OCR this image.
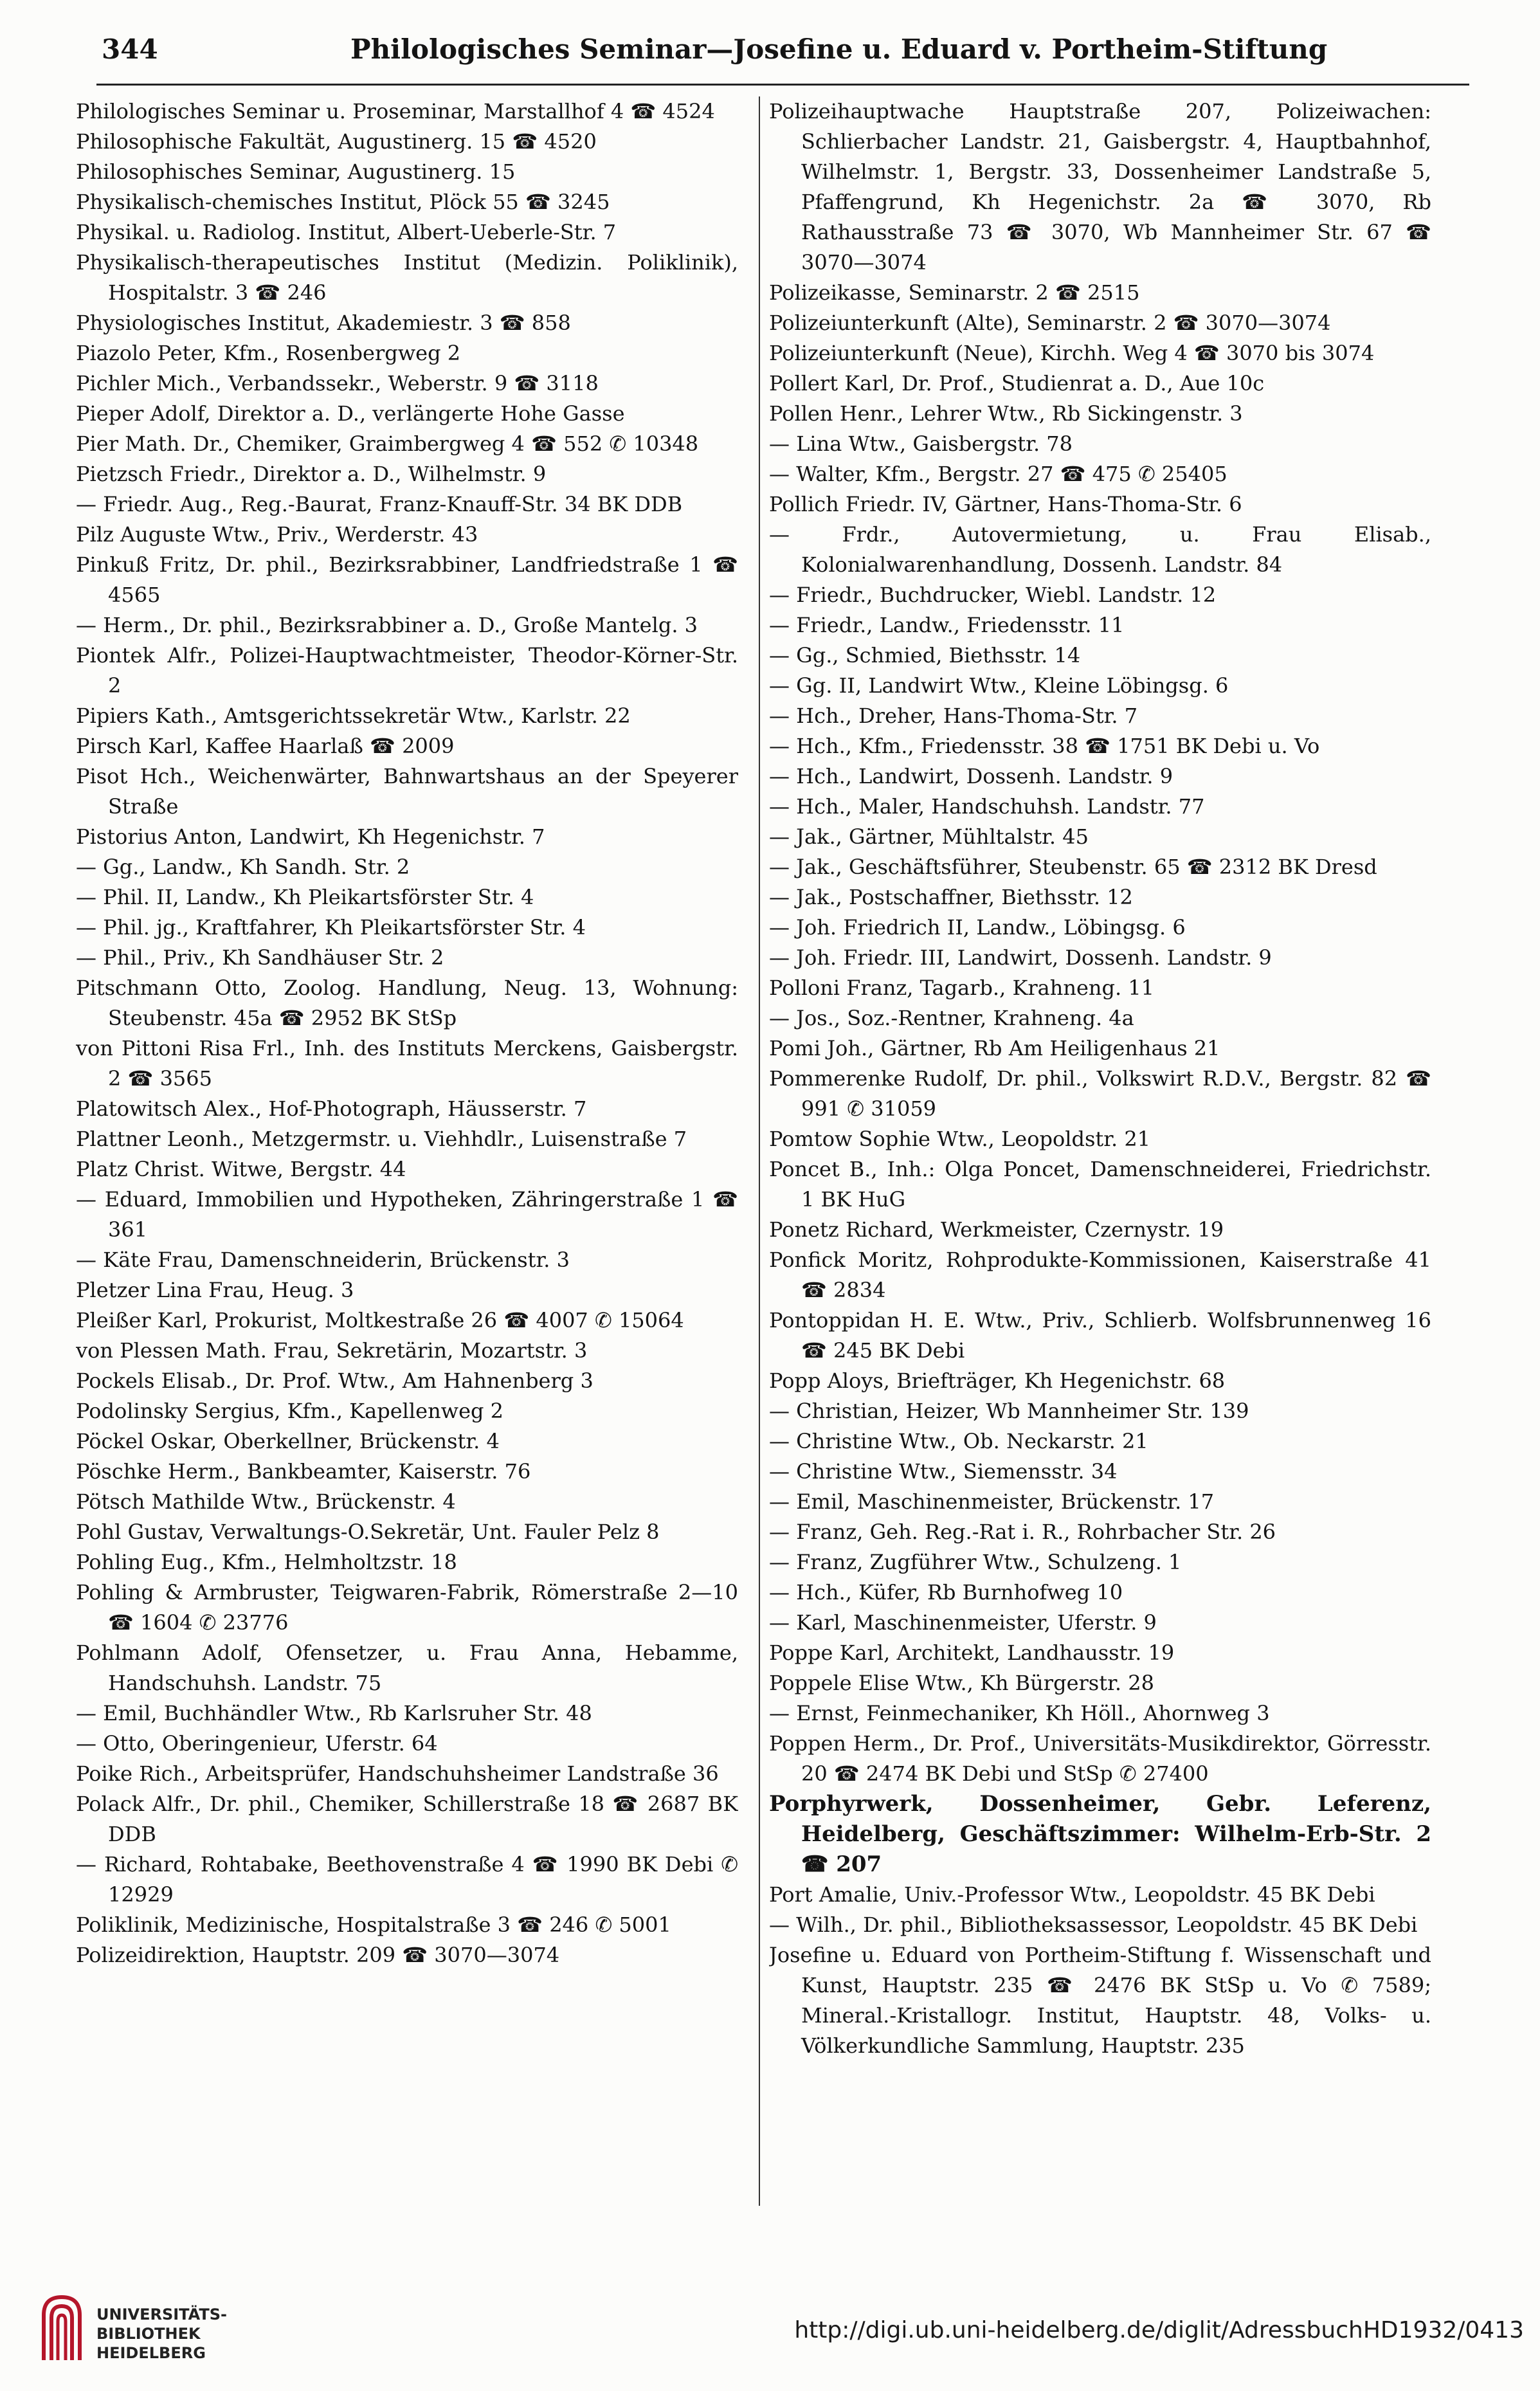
344	Philologisches Seminar—Josefine u. Eduard v. Portheim-Stiftung

Philologisches Seminar u. Proseminar, Marstallhof 4 ☎ 4524

Philosophische Fakultät, Augustinerg. 15 ☎ 4520

Philosophisches Seminar, Augustinerg. 15

Physikalisch-chemisches Institut, Plöck 55 ☎ 3245

Physikal. u. Radiolog. Institut, Albert-Ueberle-Str. 7

Physikalisch-therapeutisches Institut (Medizin. Poliklinik), Hospitalstr. 3 ☎ 246

Physiologisches Institut, Akademiestr. 3 ☎ 858

Piazolo Peter, Kfm., Rosenbergweg 2

Pichler Mich., Verbandssekr., Weberstr. 9 ☎ 3118

Pieper Adolf, Direktor a. D., verlängerte Hohe Gasse

Pier Math. Dr., Chemiker, Graimbergweg 4 ☎ 552 ✆ 10348

Pietzsch Friedr., Direktor a. D., Wilhelmstr. 9

— Friedr. Aug., Reg.-Baurat, Franz-Knauff-Str. 34 BK DDB

Pilz Auguste Wtw., Priv., Werderstr. 43

Pinkuß Fritz, Dr. phil., Bezirksrabbiner, Landfriedstraße 1 ☎ 4565

— Herm., Dr. phil., Bezirksrabbiner a. D., Große Mantelg. 3

Piontek Alfr., Polizei-Hauptwachtmeister, Theodor-Körner-Str. 2

Pipiers Kath., Amtsgerichtssekretär Wtw., Karlstr. 22

Pirsch Karl, Kaffee Haarlaß ☎ 2009

Pisot Hch., Weichenwärter, Bahnwartshaus an der Speyerer Straße

Pistorius Anton, Landwirt, Kh Hegenichstr. 7

— Gg., Landw., Kh Sandh. Str. 2

— Phil. II, Landw., Kh Pleikartsförster Str. 4

— Phil. jg., Kraftfahrer, Kh Pleikartsförster Str. 4

— Phil., Priv., Kh Sandhäuser Str. 2

Pitschmann Otto, Zoolog. Handlung, Neug. 13, Wohnung: Steubenstr. 45a ☎ 2952 BK StSp

von Pittoni Risa Frl., Inh. des Instituts Merckens, Gaisbergstr. 2 ☎ 3565

Platowitsch Alex., Hof-Photograph, Häusserstr. 7

Plattner Leonh., Metzgermstr. u. Viehhdlr., Luisenstraße 7

Platz Christ. Witwe, Bergstr. 44

— Eduard, Immobilien und Hypotheken, Zähringerstraße 1 ☎ 361

— Käte Frau, Damenschneiderin, Brückenstr. 3

Pletzer Lina Frau, Heug. 3

Pleißer Karl, Prokurist, Moltkestraße 26 ☎ 4007 ✆ 15064

von Plessen Math. Frau, Sekretärin, Mozartstr. 3

Pockels Elisab., Dr. Prof. Wtw., Am Hahnenberg 3

Podolinsky Sergius, Kfm., Kapellenweg 2

Pöckel Oskar, Oberkellner, Brückenstr. 4

Pöschke Herm., Bankbeamter, Kaiserstr. 76

Pötsch Mathilde Wtw., Brückenstr. 4

Pohl Gustav, Verwaltungs-O.Sekretär, Unt. Fauler Pelz 8

Pohling Eug., Kfm., Helmholtzstr. 18

Pohling & Armbruster, Teigwaren-Fabrik, Römerstraße 2—10 ☎ 1604 ✆ 23776

Pohlmann Adolf, Ofensetzer, u. Frau Anna, Hebamme, Handschuhsh. Landstr. 75

— Emil, Buchhändler Wtw., Rb Karlsruher Str. 48

— Otto, Oberingenieur, Uferstr. 64

Poike Rich., Arbeitsprüfer, Handschuhsheimer Landstraße 36

Polack Alfr., Dr. phil., Chemiker, Schillerstraße 18 ☎ 2687 BK DDB

— Richard, Rohtabake, Beethovenstraße 4 ☎ 1990 BK Debi ✆ 12929

Poliklinik, Medizinische, Hospitalstraße 3 ☎ 246 ✆ 5001

Polizeidirektion, Hauptstr. 209 ☎ 3070—3074

Polizeihauptwache Hauptstraße 207, Polizeiwachen: Schlierbacher Landstr. 21, Gaisbergstr. 4, Hauptbahnhof, Wilhelmstr. 1, Bergstr. 33, Dossenheimer Landstraße 5, Pfaffengrund, Kh Hegenichstr. 2a ☎ 3070, Rb Rathausstraße 73 ☎ 3070, Wb Mannheimer Str. 67 ☎ 3070—3074

Polizeikasse, Seminarstr. 2 ☎ 2515

Polizeiunterkunft (Alte), Seminarstr. 2 ☎ 3070—3074

Polizeiunterkunft (Neue), Kirchh. Weg 4 ☎ 3070 bis 3074

Pollert Karl, Dr. Prof., Studienrat a. D., Aue 10c

Pollen Henr., Lehrer Wtw., Rb Sickingenstr. 3

— Lina Wtw., Gaisbergstr. 78

— Walter, Kfm., Bergstr. 27 ☎ 475 ✆ 25405

Pollich Friedr. IV, Gärtner, Hans-Thoma-Str. 6

— Frdr., Autovermietung, u. Frau Elisab., Kolonialwarenhandlung, Dossenh. Landstr. 84

— Friedr., Buchdrucker, Wiebl. Landstr. 12

— Friedr., Landw., Friedensstr. 11

— Gg., Schmied, Biethsstr. 14

— Gg. II, Landwirt Wtw., Kleine Löbingsg. 6

— Hch., Dreher, Hans-Thoma-Str. 7

— Hch., Kfm., Friedensstr. 38 ☎ 1751 BK Debi u. Vo

— Hch., Landwirt, Dossenh. Landstr. 9

— Hch., Maler, Handschuhsh. Landstr. 77

— Jak., Gärtner, Mühltalstr. 45

— Jak., Geschäftsführer, Steubenstr. 65 ☎ 2312 BK Dresd

— Jak., Postschaffner, Biethsstr. 12

— Joh. Friedrich II, Landw., Löbingsg. 6

— Joh. Friedr. III, Landwirt, Dossenh. Landstr. 9

Polloni Franz, Tagarb., Krahneng. 11

— Jos., Soz.-Rentner, Krahneng. 4a

Pomi Joh., Gärtner, Rb Am Heiligenhaus 21

Pommerenke Rudolf, Dr. phil., Volkswirt R.D.V., Bergstr. 82 ☎ 991 ✆ 31059

Pomtow Sophie Wtw., Leopoldstr. 21

Poncet B., Inh.: Olga Poncet, Damenschneiderei, Friedrichstr. 1 BK HuG

Ponetz Richard, Werkmeister, Czernystr. 19

Ponfick Moritz, Rohprodukte-Kommissionen, Kaiserstraße 41 ☎ 2834

Pontoppidan H. E. Wtw., Priv., Schlierb. Wolfsbrunnenweg 16 ☎ 245 BK Debi

Popp Aloys, Briefträger, Kh Hegenichstr. 68

— Christian, Heizer, Wb Mannheimer Str. 139

— Christine Wtw., Ob. Neckarstr. 21

— Christine Wtw., Siemensstr. 34

— Emil, Maschinenmeister, Brückenstr. 17

— Franz, Geh. Reg.-Rat i. R., Rohrbacher Str. 26

— Franz, Zugführer Wtw., Schulzeng. 1

— Hch., Küfer, Rb Burnhofweg 10

— Karl, Maschinenmeister, Uferstr. 9

Poppe Karl, Architekt, Landhausstr. 19

Poppele Elise Wtw., Kh Bürgerstr. 28

— Ernst, Feinmechaniker, Kh Höll., Ahornweg 3

Poppen Herm., Dr. Prof., Universitäts-Musikdirektor, Görresstr. 20 ☎ 2474 BK Debi und StSp ✆ 27400

Porphyrwerk, Dossenheimer, Gebr. Leferenz, Heidelberg, Geschäftszimmer: Wilhelm-Erb-Str. 2 ☎ 207

Port Amalie, Univ.-Professor Wtw., Leopoldstr. 45 BK Debi

— Wilh., Dr. phil., Bibliotheksassessor, Leopoldstr. 45 BK Debi

Josefine u. Eduard von Portheim-Stiftung f. Wissenschaft und Kunst, Hauptstr. 235 ☎ 2476 BK StSp u. Vo ✆ 7589; Mineral.-Kristallogr. Institut, Hauptstr. 48, Volks- u. Völkerkundliche Sammlung, Hauptstr. 235

UNIVERSITÄTS-
BIBLIOTHEK
HEIDELBERG
http://digi.ub.uni-heidelberg.de/diglit/AdressbuchHD1932/0413
